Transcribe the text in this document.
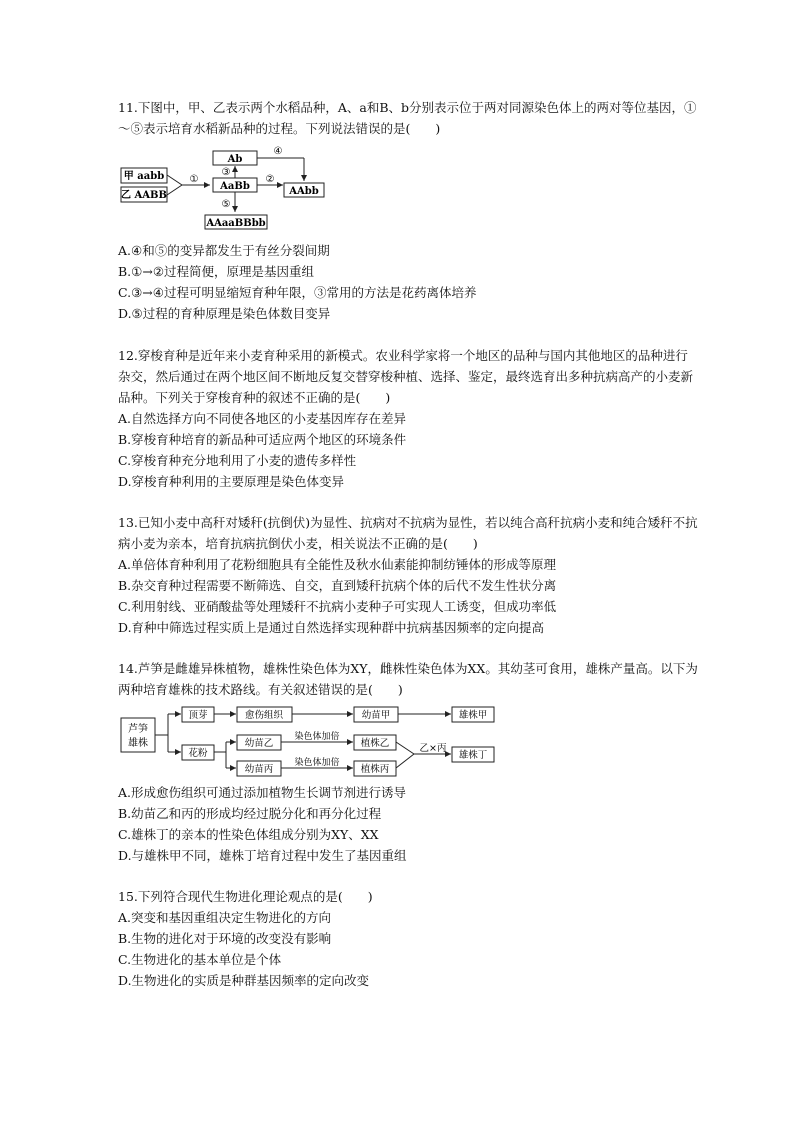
11.下图中，甲、乙表示两个水稻品种，A、a和B、b分别表示位于两对同源染色体上的两对等位基因，①～⑤表示培育水稻新品种的过程。下列说法错误的是(　　)

甲 aabb
乙 AABB
①
Ab
AaBb
③
④
②
AAbb
⑤
AAaaBBbb

A.④和⑤的变异都发生于有丝分裂间期

B.①→②过程简便，原理是基因重组

C.③→④过程可明显缩短育种年限，③常用的方法是花药离体培养

D.⑤过程的育种原理是染色体数目变异

12.穿梭育种是近年来小麦育种采用的新模式。农业科学家将一个地区的品种与国内其他地区的品种进行杂交，然后通过在两个地区间不断地反复交替穿梭种植、选择、鉴定，最终选育出多种抗病高产的小麦新品种。下列关于穿梭育种的叙述不正确的是(　　)

A.自然选择方向不同使各地区的小麦基因库存在差异

B.穿梭育种培育的新品种可适应两个地区的环境条件

C.穿梭育种充分地利用了小麦的遗传多样性

D.穿梭育种利用的主要原理是染色体变异

13.已知小麦中高秆对矮秆(抗倒伏)为显性、抗病对不抗病为显性，若以纯合高秆抗病小麦和纯合矮秆不抗病小麦为亲本，培育抗病抗倒伏小麦，相关说法不正确的是(　　)

A.单倍体育种利用了花粉细胞具有全能性及秋水仙素能抑制纺锤体的形成等原理

B.杂交育种过程需要不断筛选、自交，直到矮秆抗病个体的后代不发生性状分离

C.利用射线、亚硝酸盐等处理矮秆不抗病小麦种子可实现人工诱变，但成功率低

D.育种中筛选过程实质上是通过自然选择实现种群中抗病基因频率的定向提高

14.芦笋是雌雄异株植物，雄株性染色体为XY，雌株性染色体为XX。其幼茎可食用，雄株产量高。以下为两种培育雄株的技术路线。有关叙述错误的是(　　)

芦笋
雄株
顶芽	愈伤组织	幼苗甲	雄株甲
花粉
幼苗乙
幼苗丙
染色体加倍
染色体加倍
植株乙
植株丙
乙×丙
雄株丁

A.形成愈伤组织可通过添加植物生长调节剂进行诱导

B.幼苗乙和丙的形成均经过脱分化和再分化过程

C.雄株丁的亲本的性染色体组成分别为XY、XX

D.与雄株甲不同，雄株丁培育过程中发生了基因重组

15.下列符合现代生物进化理论观点的是(　　)

A.突变和基因重组决定生物进化的方向

B.生物的进化对于环境的改变没有影响

C.生物进化的基本单位是个体

D.生物进化的实质是种群基因频率的定向改变
